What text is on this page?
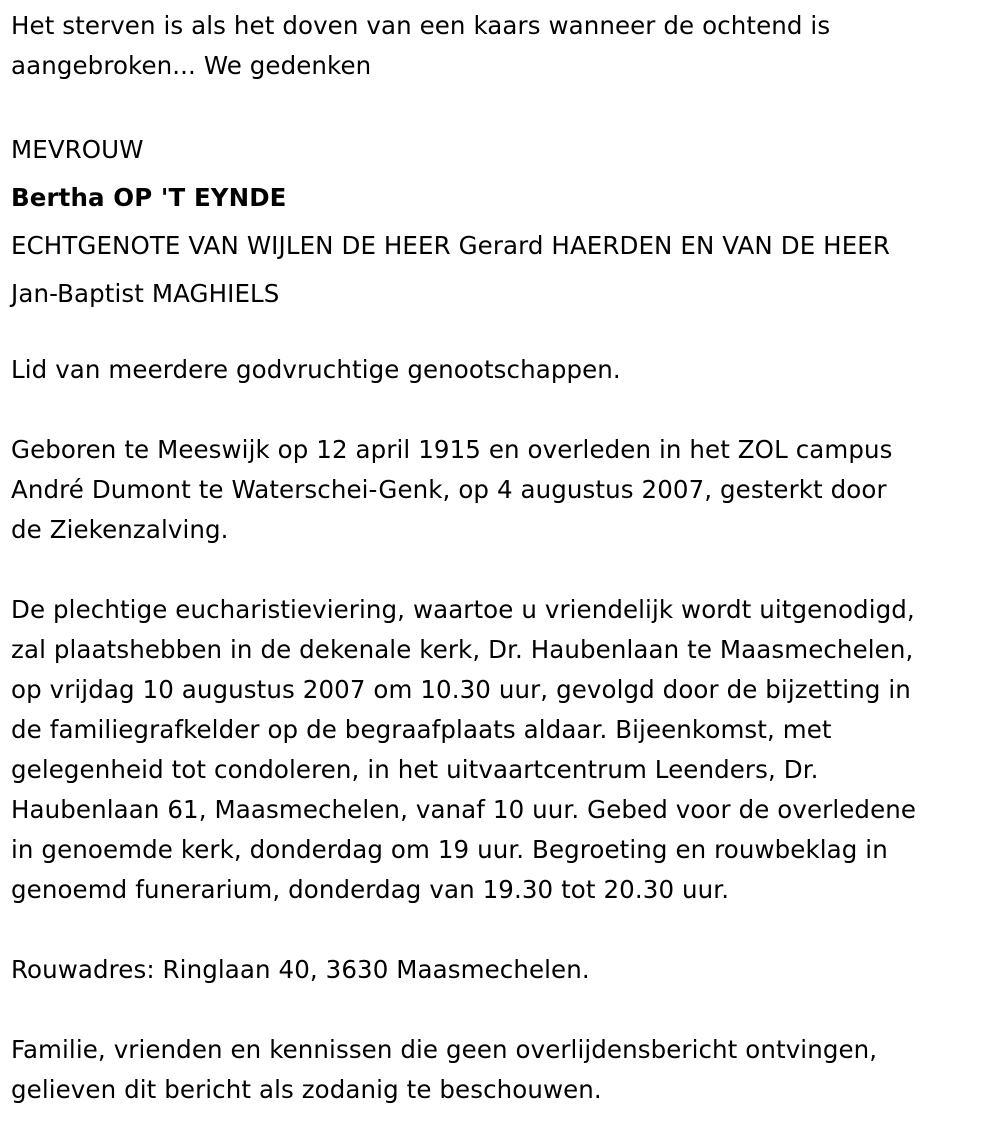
Het sterven is als het doven van een kaars wanneer de ochtend is
aangebroken... We gedenken

MEVROUW
Bertha OP 'T EYNDE
ECHTGENOTE VAN WIJLEN DE HEER Gerard HAERDEN EN VAN DE HEER
Jan-Baptist MAGHIELS

Lid van meerdere godvruchtige genootschappen.

Geboren te Meeswijk op 12 april 1915 en overleden in het ZOL campus
André Dumont te Waterschei-Genk, op 4 augustus 2007, gesterkt door
de Ziekenzalving.

De plechtige eucharistieviering, waartoe u vriendelijk wordt uitgenodigd,
zal plaatshebben in de dekenale kerk, Dr. Haubenlaan te Maasmechelen,
op vrijdag 10 augustus 2007 om 10.30 uur, gevolgd door de bijzetting in
de familiegrafkelder op de begraafplaats aldaar. Bijeenkomst, met
gelegenheid tot condoleren, in het uitvaartcentrum Leenders, Dr.
Haubenlaan 61, Maasmechelen, vanaf 10 uur. Gebed voor de overledene
in genoemde kerk, donderdag om 19 uur. Begroeting en rouwbeklag in
genoemd funerarium, donderdag van 19.30 tot 20.30 uur.

Rouwadres: Ringlaan 40, 3630 Maasmechelen.

Familie, vrienden en kennissen die geen overlijdensbericht ontvingen,
gelieven dit bericht als zodanig te beschouwen.
